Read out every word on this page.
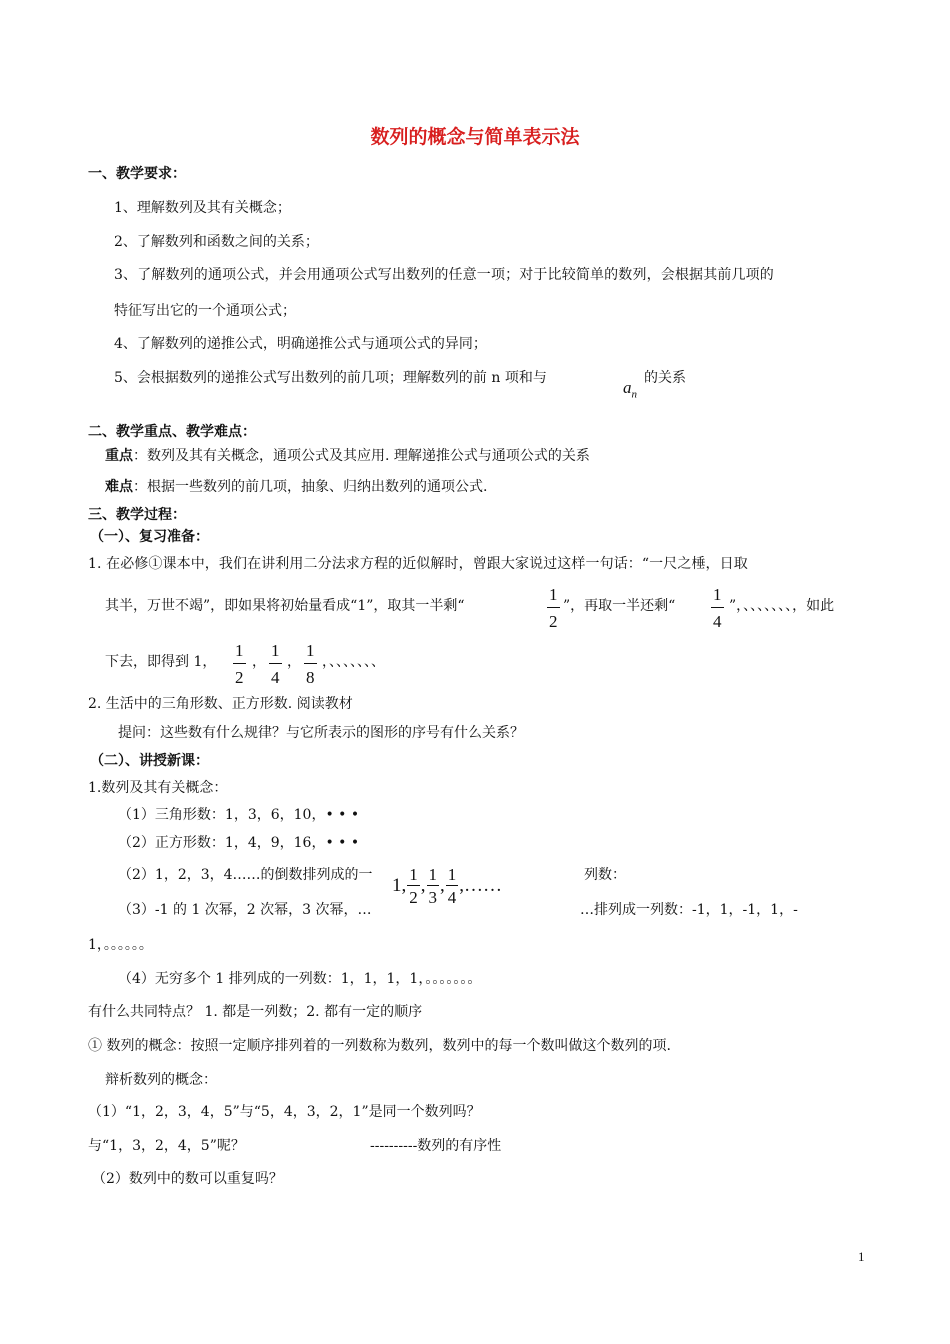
数列的概念与简单表示法
一、教学要求：
1、理解数列及其有关概念；
2、了解数列和函数之间的关系；
3、了解数列的通项公式，并会用通项公式写出数列的任意一项；对于比较简单的数列，会根据其前几项的
特征写出它的一个通项公式；
4、了解数列的递推公式，明确递推公式与通项公式的异同；
5、会根据数列的递推公式写出数列的前几项；理解数列的前 n 项和与	$a_n$
的关系
二、教学重点、教学难点：
重点：数列及其有关概念，通项公式及其应用. 理解递推公式与通项公式的关系
难点：根据一些数列的前几项，抽象、归纳出数列的通项公式.
三、教学过程：
（一）、复习准备：
1. 在必修①课本中，我们在讲利用二分法求方程的近似解时，曾跟大家说过这样一句话：“一尺之棰，日取
其半，万世不竭”，即如果将初始量看成“1”，取其一半剩“
1
2
”，再取一半还剩“
1
4
”，、、、、、、、，如此
下去，即得到 1，
1
2
，
1
4
，
1
8
，、、、、、、、
2. 生活中的三角形数、正方形数. 阅读教材
提问：这些数有什么规律？与它所表示的图形的序号有什么关系？
（二）、讲授新课：
1.数列及其有关概念：
（1）三角形数：1，3，6，10，• • •
（2）正方形数：1，4，9，16，• • •
（2）1，2，3，4……的倒数排列成的一 1, $\frac{1}{2}$ , $\frac{1}{3}$ , $\frac{1}{4}$ ,……	列数：
（3）-1 的 1 次幂，2 次幂，3 次幂，…	…排列成一列数：-1，1，-1，1，-
1，。。。。。。
（4）无穷多个 1 排列成的一列数：1，1，1，1，。。。。。。。
有什么共同特点？ 1. 都是一列数；2. 都有一定的顺序
① 数列的概念：按照一定顺序排列着的一列数称为数列，数列中的每一个数叫做这个数列的项.
辩析数列的概念：
（1）“1，2，3，4，5”与“5，4，3，2，1”是同一个数列吗？
与“1，3，2，4，5”呢？	----------数列的有序性
（2）数列中的数可以重复吗？
1
